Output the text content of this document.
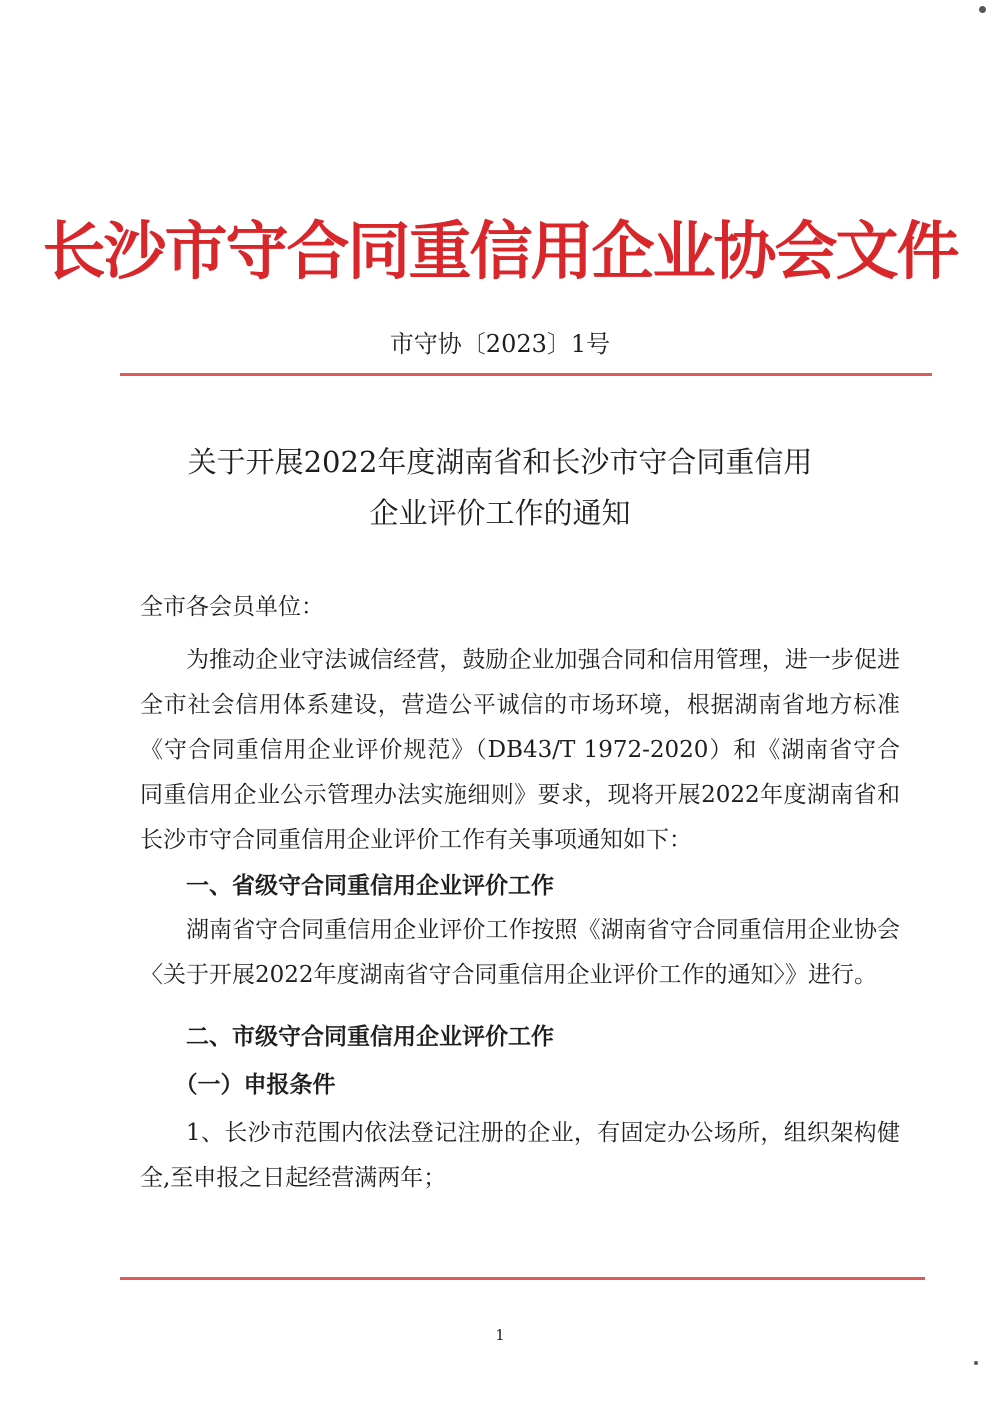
长沙市守合同重信用企业协会文件
市守协〔2023〕1号
关于开展2022年度湖南省和长沙市守合同重信用
企业评价工作的通知

全市各会员单位：

为推动企业守法诚信经营，鼓励企业加强合同和信用管理，进一步促进全市社会信用体系建设，营造公平诚信的市场环境，根据湖南省地方标准《守合同重信用企业评价规范》（DB43/T 1972-2020）和《湖南省守合同重信用企业公示管理办法实施细则》要求，现将开展2022年度湖南省和长沙市守合同重信用企业评价工作有关事项通知如下：

一、省级守合同重信用企业评价工作

湖南省守合同重信用企业评价工作按照《湖南省守合同重信用企业协会〈关于开展2022年度湖南省守合同重信用企业评价工作的通知〉》进行。

二、市级守合同重信用企业评价工作

（一）申报条件

1、长沙市范围内依法登记注册的企业，有固定办公场所，组织架构健全,至申报之日起经营满两年；

1
